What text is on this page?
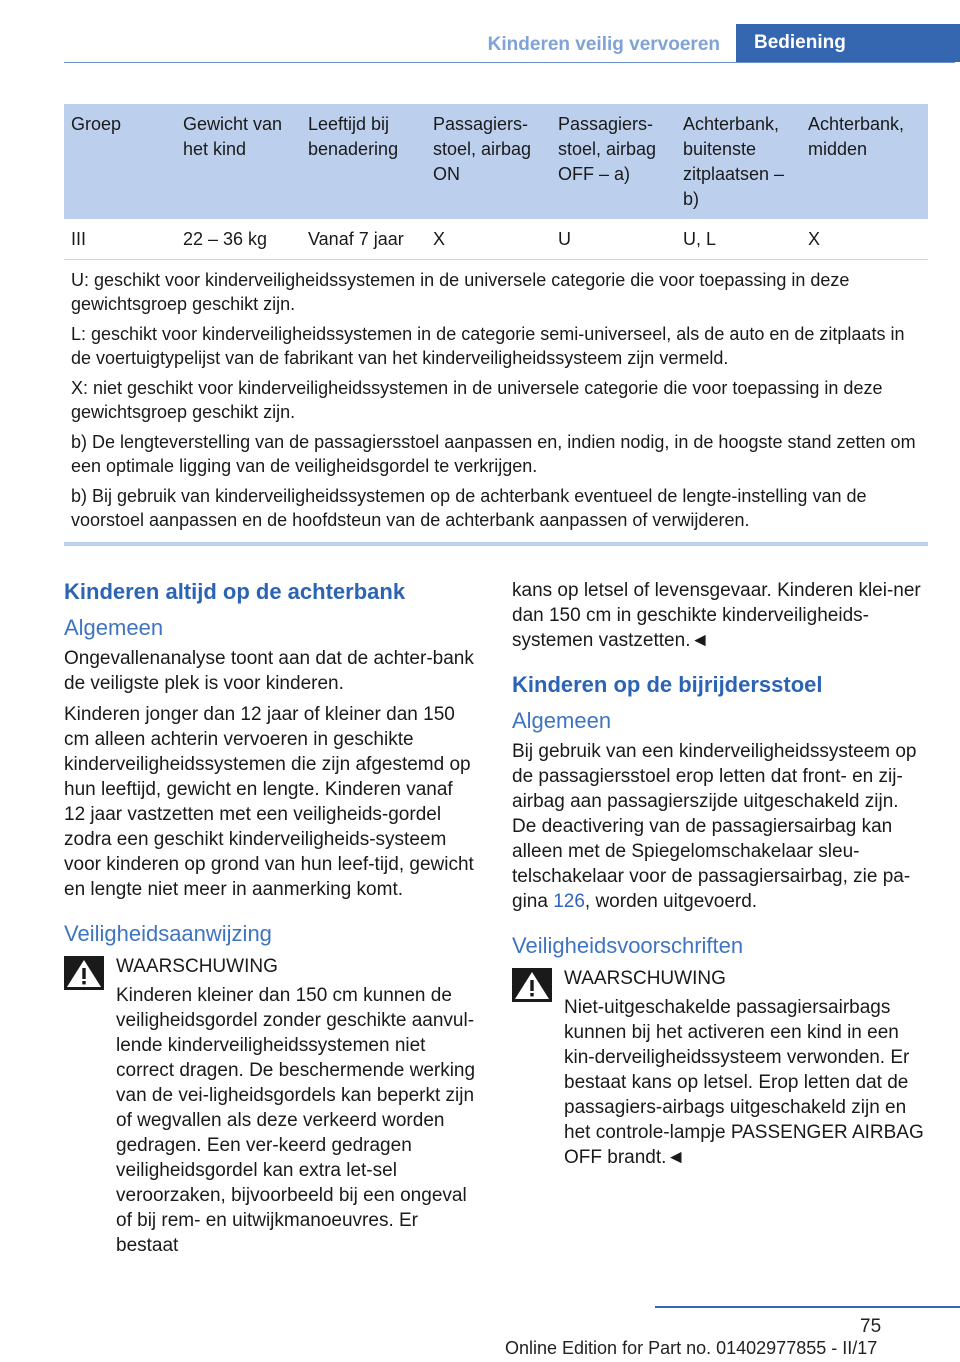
Kinderen veilig vervoeren	Bediening
Groep	Gewicht van het kind	Leeftijd bij benadering	Passagiers-stoel, airbag ON	Passagiers-stoel, airbag OFF – a)	Achterbank, buitenste zitplaatsen – b)	Achterbank, midden
III	22 – 36 kg	Vanaf 7 jaar	X	U	U, L	X

U: geschikt voor kinderveiligheidssystemen in de universele categorie die voor toepassing in deze gewichtsgroep geschikt zijn.

L: geschikt voor kinderveiligheidssystemen in de categorie semi-universeel, als de auto en de zitplaats in de voertuigtypelijst van de fabrikant van het kinderveiligheidssysteem zijn vermeld.

X: niet geschikt voor kinderveiligheidssystemen in de universele categorie die voor toepassing in deze gewichtsgroep geschikt zijn.

b) De lengteverstelling van de passagiersstoel aanpassen en, indien nodig, in de hoogste stand zetten om een optimale ligging van de veiligheidsgordel te verkrijgen.

b) Bij gebruik van kinderveiligheidssystemen op de achterbank eventueel de lengte-instelling van de voorstoel aanpassen en de hoofdsteun van de achterbank aanpassen of verwijderen.						

Kinderen altijd op de achterbank
Algemeen

Ongevallenanalyse toont aan dat de achter-bank de veiligste plek is voor kinderen.

Kinderen jonger dan 12 jaar of kleiner dan 150 cm alleen achterin vervoeren in geschikte kinderveiligheidssystemen die zijn afgestemd op hun leeftijd, gewicht en lengte. Kinderen vanaf 12 jaar vastzetten met een veiligheids-gordel zodra een geschikt kinderveiligheids-systeem voor kinderen op grond van hun leef-tijd, gewicht en lengte niet meer in aanmerking komt.

Veiligheidsaanwijzing

WAARSCHUWING

Kinderen kleiner dan 150 cm kunnen de veiligheidsgordel zonder geschikte aanvul-lende kinderveiligheidssystemen niet correct dragen. De beschermende werking van de vei-ligheidsgordels kan beperkt zijn of wegvallen als deze verkeerd worden gedragen. Een ver-keerd gedragen veiligheidsgordel kan extra let-sel veroorzaken, bijvoorbeeld bij een ongeval of bij rem- en uitwijkmanoeuvres. Er bestaat

kans op letsel of levensgevaar. Kinderen klei-ner dan 150 cm in geschikte kinderveiligheids-systemen vastzetten.◄

Kinderen op de bijrijdersstoel
Algemeen

Bij gebruik van een kinderveiligheidssysteem op de passagiersstoel erop letten dat front- en zij-airbag aan passagierszijde uitgeschakeld zijn. De deactivering van de passagiersairbag kan alleen met de Spiegelomschakelaar sleu-telschakelaar voor de passagiersairbag, zie pa-gina 126, worden uitgevoerd.

Veiligheidsvoorschriften

WAARSCHUWING

Niet-uitgeschakelde passagiersairbags kunnen bij het activeren een kind in een kin-derveiligheidssysteem verwonden. Er bestaat kans op letsel. Erop letten dat de passagiers-airbags uitgeschakeld zijn en het controle-lampje PASSENGER AIRBAG OFF brandt.◄

75
Online Edition for Part no. 01402977855 - II/17
